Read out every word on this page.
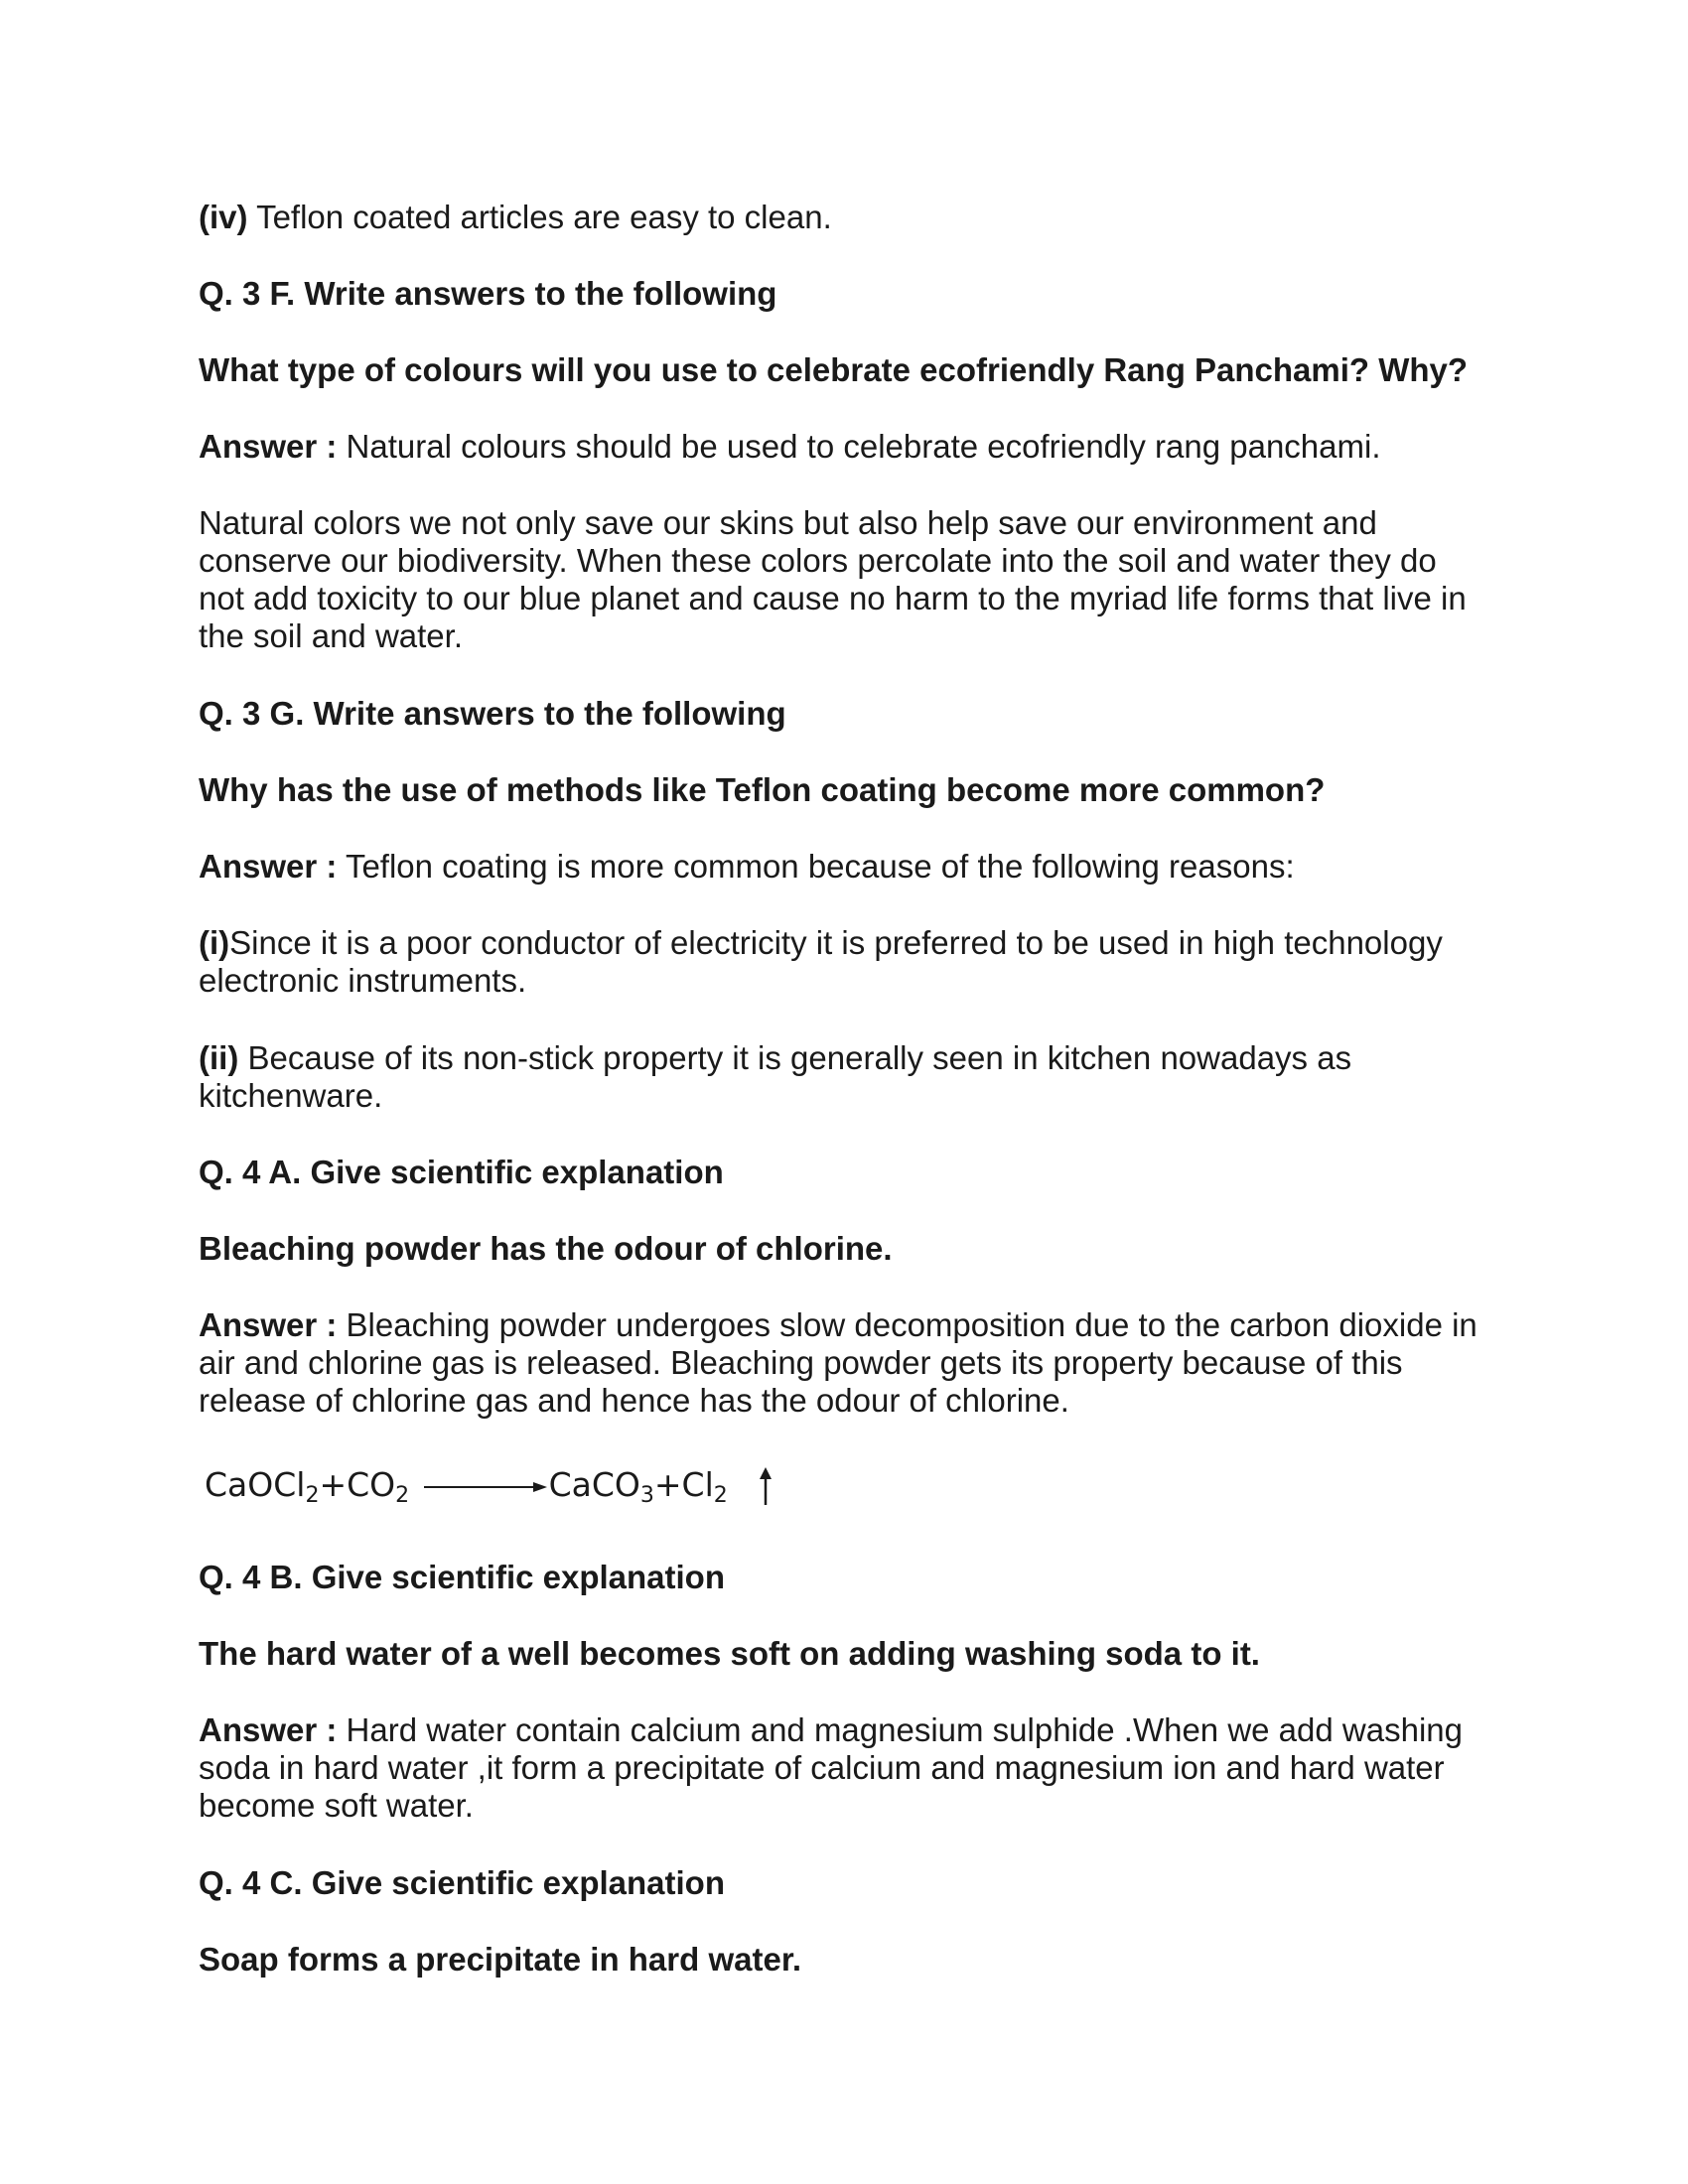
(iv) Teflon coated articles are easy to clean.

Q. 3 F. Write answers to the following

What type of colours will you use to celebrate ecofriendly Rang Panchami? Why?

Answer : Natural colours should be used to celebrate ecofriendly rang panchami.

Natural colors we not only save our skins but also help save our environment and conserve our biodiversity. When these colors percolate into the soil and water they do not add toxicity to our blue planet and cause no harm to the myriad life forms that live in the soil and water.

Q. 3 G. Write answers to the following

Why has the use of methods like Teflon coating become more common?

Answer : Teflon coating is more common because of the following reasons:

(i)Since it is a poor conductor of electricity it is preferred to be used in high technology electronic instruments.

(ii) Because of its non-stick property it is generally seen in kitchen nowadays as kitchenware.

Q. 4 A. Give scientific explanation

Bleaching powder has the odour of chlorine.

Answer : Bleaching powder undergoes slow decomposition due to the carbon dioxide in air and chlorine gas is released. Bleaching powder gets its property because of this release of chlorine gas and hence has the odour of chlorine.

$CaOCl_2+CO_2$ $\to CaCO_3+Cl_2$

Q. 4 B. Give scientific explanation

The hard water of a well becomes soft on adding washing soda to it.

Answer : Hard water contain calcium and magnesium sulphide .When we add washing soda in hard water ,it form a precipitate of calcium and magnesium ion and hard water become soft water.

Q. 4 C. Give scientific explanation

Soap forms a precipitate in hard water.
